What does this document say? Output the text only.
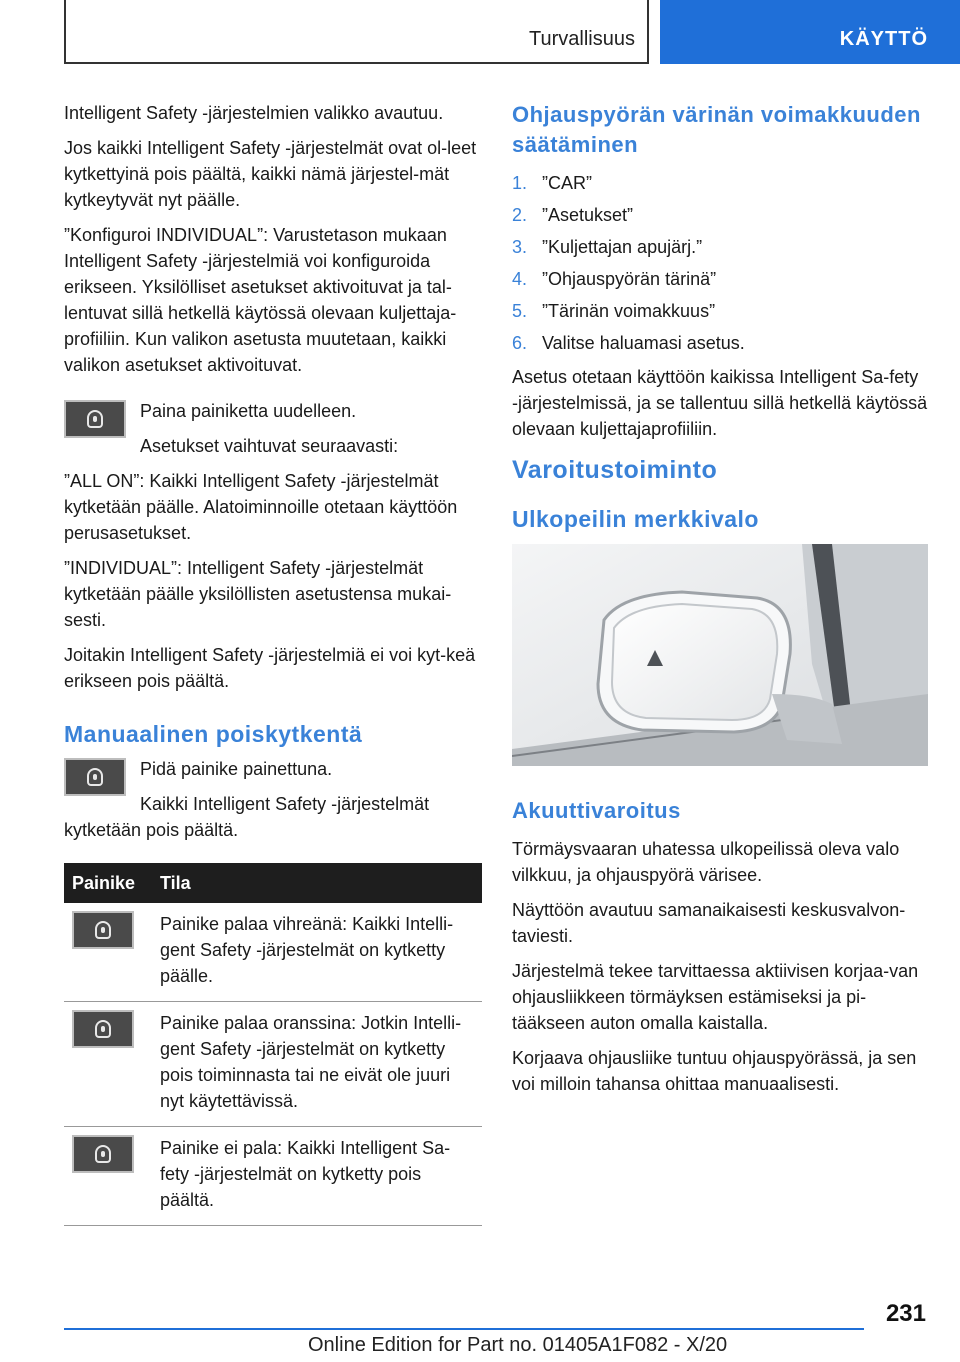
Turvallisuus	KÄYTTÖ

Intelligent Safety -järjestelmien valikko avautuu.

Jos kaikki Intelligent Safety -järjestelmät ovat ol-leet kytkettyinä pois päältä, kaikki nämä järjestel-mät kytkeytyvät nyt päälle.

”Konfiguroi INDIVIDUAL”: Varustetason mukaan Intelligent Safety -järjestelmiä voi konfiguroida erikseen. Yksilölliset asetukset aktivoituvat ja tal-lentuvat sillä hetkellä käytössä olevaan kuljettaja-profiiliin. Kun valikon asetusta muutetaan, kaikki valikon asetukset aktivoituvat.

Paina painiketta uudelleen.

Asetukset vaihtuvat seuraavasti:

”ALL ON”: Kaikki Intelligent Safety -järjestelmät kytketään päälle. Alatoiminnoille otetaan käyttöön perusasetukset.

”INDIVIDUAL”: Intelligent Safety -järjestelmät kytketään päälle yksilöllisten asetustensa mukai-sesti.

Joitakin Intelligent Safety -järjestelmiä ei voi kyt-keä erikseen pois päältä.

Manuaalinen poiskytkentä

Pidä painike painettuna.

Kaikki Intelligent Safety -järjestelmät kytketään pois päältä.

Painike	Tila

	Painike palaa vihreänä: Kaikki Intelli-gent Safety -järjestelmät on kytketty päälle.

	Painike palaa oranssina: Jotkin Intelli-gent Safety -järjestelmät on kytketty pois toiminnasta tai ne eivät ole juuri nyt käytettävissä.

	Painike ei pala: Kaikki Intelligent Sa-fety -järjestelmät on kytketty pois päältä.
Ohjauspyörän värinän voimakkuuden säätäminen
1. ”CAR”
2. ”Asetukset”
3. ”Kuljettajan apujärj.”
4. ”Ohjauspyörän tärinä”
5. ”Tärinän voimakkuus”
6. Valitse haluamasi asetus.

Asetus otetaan käyttöön kaikissa Intelligent Sa-fety -järjestelmissä, ja se tallentuu sillä hetkellä käytössä olevaan kuljettajaprofiiliin.

Varoitustoiminto
Ulkopeilin merkkivalo
Akuuttivaroitus

Törmäysvaaran uhatessa ulkopeilissä oleva valo vilkkuu, ja ohjauspyörä värisee.

Näyttöön avautuu samanaikaisesti keskusvalvon-taviesti.

Järjestelmä tekee tarvittaessa aktiivisen korjaa-van ohjausliikkeen törmäyksen estämiseksi ja pi-tääkseen auton omalla kaistalla.

Korjaava ohjausliike tuntuu ohjauspyörässä, ja sen voi milloin tahansa ohittaa manuaalisesti.

231
Online Edition for Part no. 01405A1F082 - X/20
